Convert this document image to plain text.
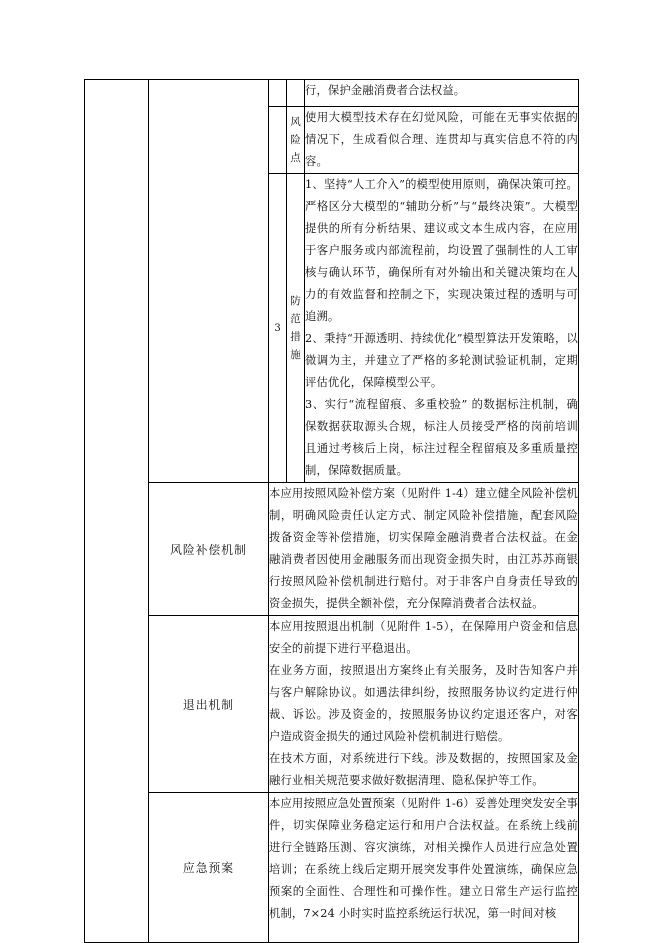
				行，保护金融消费者合法权益。
			风险点	使用大模型技术存在幻觉风险，可能在无事实依据的情况下，生成看似合理、连贯却与真实信息不符的内容。
		3	防范措施	1、坚持“人工介入”的模型使用原则，确保决策可控。严格区分大模型的“辅助分析”与“最终决策”。大模型提供的所有分析结果、建议或文本生成内容，在应用于客户服务或内部流程前，均设置了强制性的人工审核与确认环节，确保所有对外输出和关键决策均在人力的有效监督和控制之下，实现决策过程的透明与可追溯。

2、秉持“开源透明、持续优化”模型算法开发策略，以微调为主，并建立了严格的多轮测试验证机制，定期评估优化，保障模型公平。

3、实行“流程留痕、多重校验” 的数据标注机制，确保数据获取源头合规，标注人员接受严格的岗前培训且通过考核后上岗，标注过程全程留痕及多重质量控制，保障数据质量。

	风险补偿机制	本应用按照风险补偿方案（见附件 1-4）建立健全风险补偿机制，明确风险责任认定方式、制定风险补偿措施，配套风险拨备资金等补偿措施，切实保障金融消费者合法权益。在金融消费者因使用金融服务而出现资金损失时，由江苏苏商银行按照风险补偿机制进行赔付。对于非客户自身责任导致的资金损失，提供全额补偿，充分保障消费者合法权益。		

	退出机制	本应用按照退出机制（见附件 1-5），在保障用户资金和信息安全的前提下进行平稳退出。

在业务方面，按照退出方案终止有关服务，及时告知客户并与客户解除协议。如遇法律纠纷，按照服务协议约定进行仲裁、诉讼。涉及资金的，按照服务协议约定退还客户，对客户造成资金损失的通过风险补偿机制进行赔偿。

在技术方面，对系统进行下线。涉及数据的，按照国家及金融行业相关规范要求做好数据清理、隐私保护等工作。		

	应急预案	本应用按照应急处置预案（见附件 1-6）妥善处理突发安全事件，切实保障业务稳定运行和用户合法权益。在系统上线前进行全链路压测、容灾演练，对相关操作人员进行应急处置培训；在系统上线后定期开展突发事件处置演练，确保应急预案的全面性、合理性和可操作性。建立日常生产运行监控机制，7×24 小时实时监控系统运行状况，第一时间对核		
